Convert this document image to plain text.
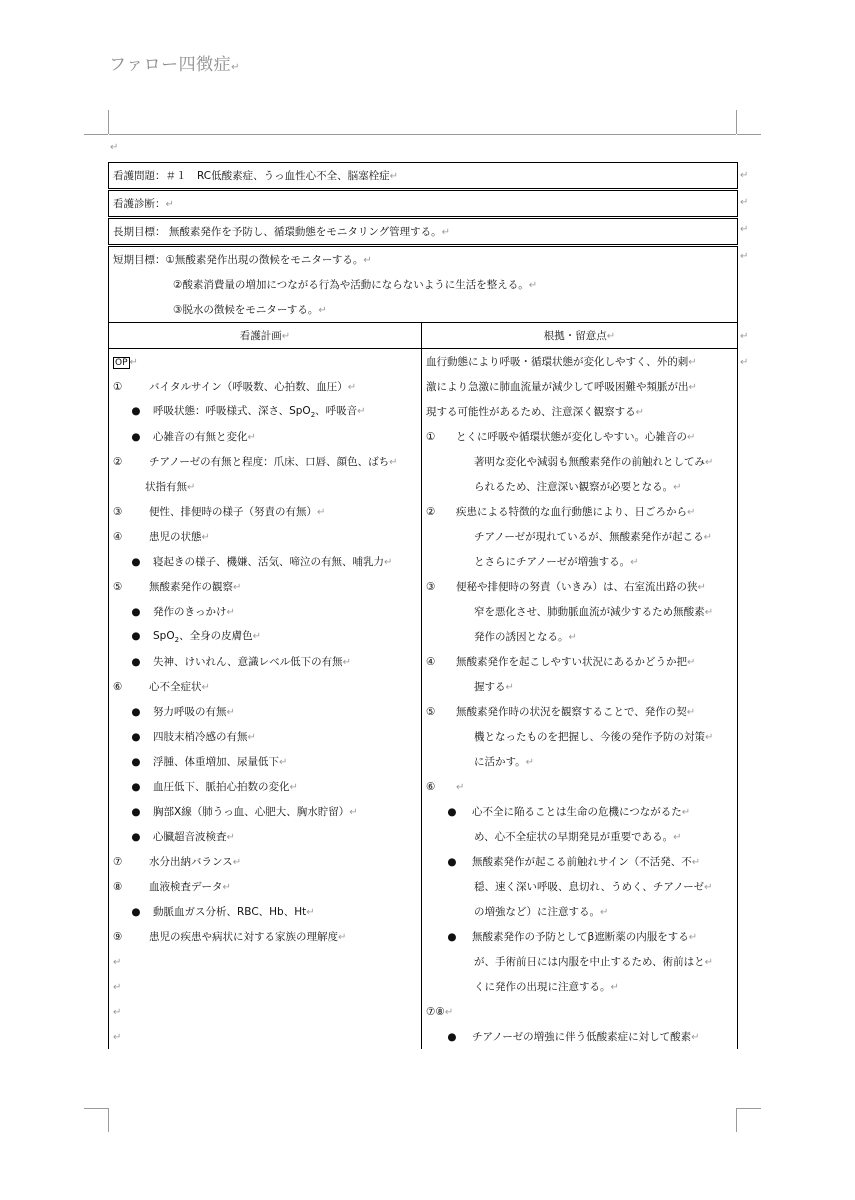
ファロー四徴症↵
↵
↵
↵
↵
↵
↵
↵
看護問題：＃１　RC低酸素症、うっ血性心不全、脳塞栓症↵	
看護診断：↵	
長期目標： 無酸素発作を予防し、循環動態をモニタリング管理する。↵	
短期目標：①無酸素発作出現の徴候をモニターする。↵	
②酸素消費量の増加につながる行為や活動にならないように生活を整える。↵	
③脱水の徴候をモニターする。↵	
看護計画↵	根拠・留意点↵
OP ↵	血行動態により呼吸・循環状態が変化しやすく、外的刺↵
① バイタルサイン（呼吸数、心拍数、血圧）↵	激により急激に肺血流量が減少して呼吸困難や頻脈が出↵
● 呼吸状態：呼吸様式、深さ、SpO$_2$、呼吸音↵	現する可能性があるため、注意深く観察する↵
● 心雑音の有無と変化↵	① とくに呼吸や循環状態が変化しやすい。心雑音の↵
② チアノーゼの有無と程度：爪床、口唇、顔色、ばち↵	著明な変化や減弱も無酸素発作の前触れとしてみ↵
状指有無↵	られるため、注意深い観察が必要となる。↵
③ 便性、排便時の様子（努責の有無）↵	② 疾患による特徴的な血行動態により、日ごろから↵
④ 患児の状態↵	チアノーゼが現れているが、無酸素発作が起こる↵
● 寝起きの様子、機嫌、活気、啼泣の有無、哺乳力↵	とさらにチアノーゼが増強する。↵
⑤ 無酸素発作の観察↵	③ 便秘や排便時の努責（いきみ）は、右室流出路の狭↵
● 発作のきっかけ↵	窄を悪化させ、肺動脈血流が減少するため無酸素↵
● SpO$_2$、全身の皮膚色↵	発作の誘因となる。↵
● 失神、けいれん、意識レベル低下の有無↵	④ 無酸素発作を起こしやすい状況にあるかどうか把↵
⑥ 心不全症状↵	握する↵
● 努力呼吸の有無↵	⑤ 無酸素発作時の状況を観察することで、発作の契↵
● 四肢末梢冷感の有無↵	機となったものを把握し、今後の発作予防の対策↵
● 浮腫、体重増加、尿量低下↵	に活かす。↵
● 血圧低下、脈拍心拍数の変化↵	⑥ ↵
● 胸部X線（肺うっ血、心肥大、胸水貯留）↵	● 心不全に陥ることは生命の危機につながるた↵
● 心臓超音波検査↵	め、心不全症状の早期発見が重要である。↵
⑦ 水分出納バランス↵	● 無酸素発作が起こる前触れサイン（不活発、不↵
⑧ 血液検査データ↵	穏、速く深い呼吸、息切れ、うめく、チアノーゼ↵
● 動脈血ガス分析、RBC、Hb、Ht↵	の増強など）に注意する。↵
⑨ 患児の疾患や病状に対する家族の理解度↵	● 無酸素発作の予防としてβ遮断薬の内服をする↵
↵	が、手術前日には内服を中止するため、術前はと↵
↵	くに発作の出現に注意する。↵
↵	⑦⑧↵
↵	● チアノーゼの増強に伴う低酸素症に対して酸素↵
